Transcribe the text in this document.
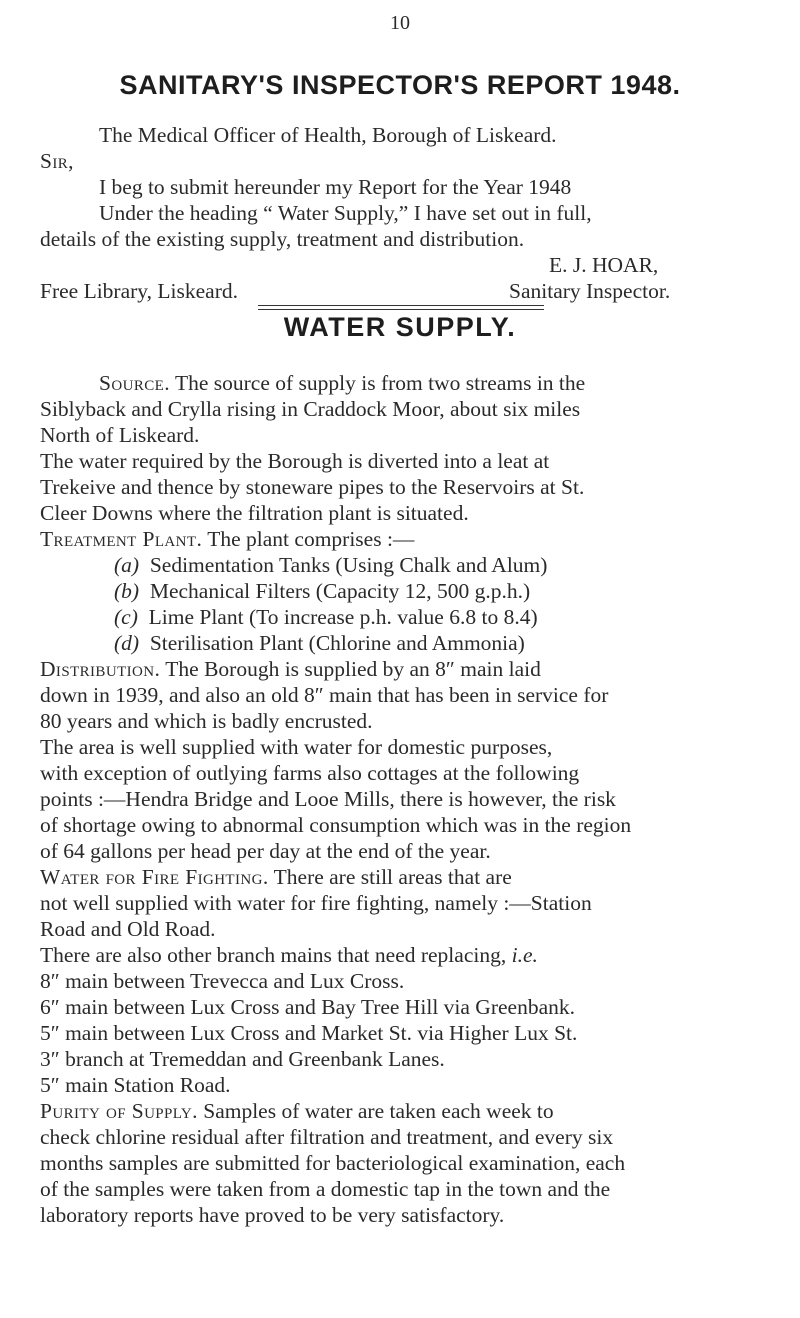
10
SANITARY'S INSPECTOR'S REPORT 1948.
The Medical Officer of Health, Borough of Liskeard.
Sir,
I beg to submit hereunder my Report for the Year 1948
Under the heading “ Water Supply,” I have set out in full,
details of the existing supply, treatment and distribution.
E. J. HOAR,
Free Library, Liskeard.	Sanitary Inspector.
WATER SUPPLY.
Source. The source of supply is from two streams in the
Siblyback and Crylla rising in Craddock Moor, about six miles
North of Liskeard.
The water required by the Borough is diverted into a leat at
Trekeive and thence by stoneware pipes to the Reservoirs at St.
Cleer Downs where the filtration plant is situated.
Treatment Plant. The plant comprises :—
(a) Sedimentation Tanks (Using Chalk and Alum)
(b) Mechanical Filters (Capacity 12, 500 g.p.h.)
(c) Lime Plant (To increase p.h. value 6.8 to 8.4)
(d) Sterilisation Plant (Chlorine and Ammonia)
Distribution. The Borough is supplied by an 8″ main laid
down in 1939, and also an old 8″ main that has been in service for
80 years and which is badly encrusted.
The area is well supplied with water for domestic purposes,
with exception of outlying farms also cottages at the following
points :—Hendra Bridge and Looe Mills, there is however, the risk
of shortage owing to abnormal consumption which was in the region
of 64 gallons per head per day at the end of the year.
Water for Fire Fighting. There are still areas that are
not well supplied with water for fire fighting, namely :—Station
Road and Old Road.
There are also other branch mains that need replacing, i.e.
8″ main between Trevecca and Lux Cross.
6″ main between Lux Cross and Bay Tree Hill via Greenbank.
5″ main between Lux Cross and Market St. via Higher Lux St.
3″ branch at Tremeddan and Greenbank Lanes.
5″ main Station Road.
Purity of Supply. Samples of water are taken each week to
check chlorine residual after filtration and treatment, and every six
months samples are submitted for bacteriological examination, each
of the samples were taken from a domestic tap in the town and the
laboratory reports have proved to be very satisfactory.
